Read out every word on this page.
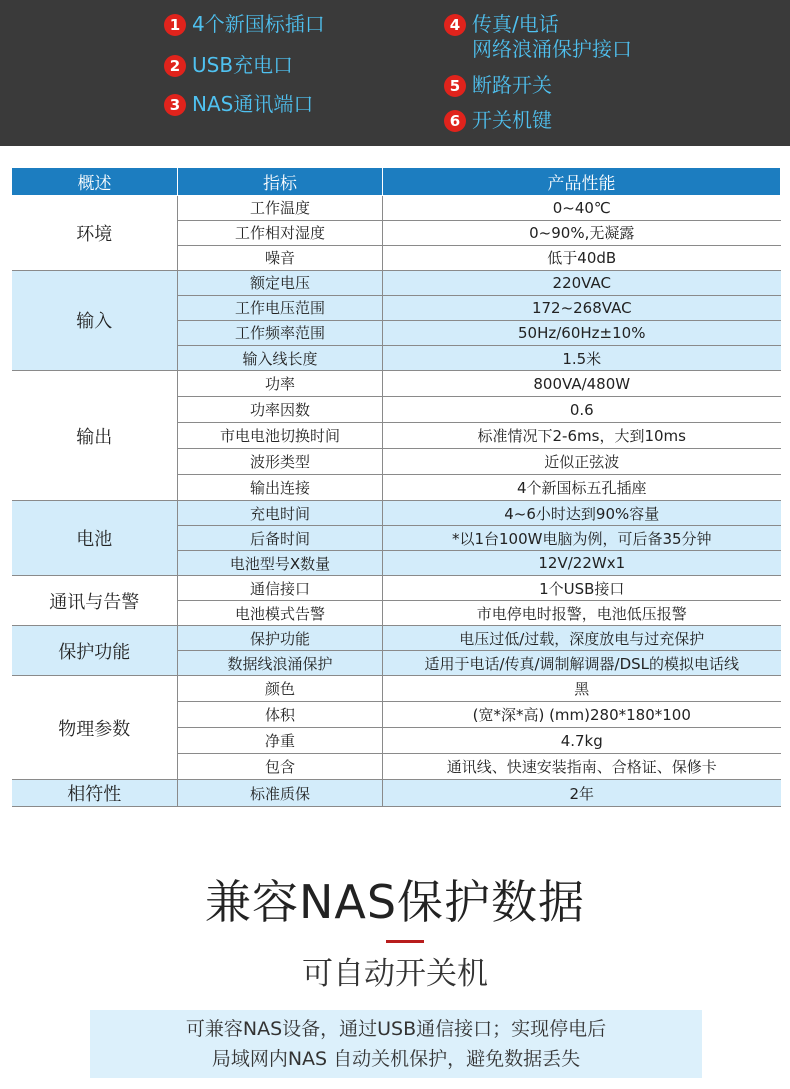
1 4个新国标插口
2 USB充电口
3 NAS通讯端口
4 传真/电话
网络浪涌保护接口
5 断路开关
6 开关机键
概述	指标	产品性能
环境	工作温度	0~40℃
	工作相对湿度	0~90%,无凝露
	噪音	低于40dB
输入	额定电压	220VAC
	工作电压范围	172~268VAC
	工作频率范围	50Hz/60Hz±10%
	输入线长度	1.5米
输出	功率	800VA/480W
	功率因数	0.6
	市电电池切换时间	标准情况下2-6ms，大到10ms
	波形类型	近似正弦波
	输出连接	4个新国标五孔插座
电池	充电时间	4~6小时达到90%容量
	后备时间	*以1台100W电脑为例，可后备35分钟
	电池型号X数量	12V/22Wx1
通讯与告警	通信接口	1个USB接口
	电池模式告警	市电停电时报警，电池低压报警
保护功能	保护功能	电压过低/过载，深度放电与过充保护
	数据线浪涌保护	适用于电话/传真/调制解调器/DSL的模拟电话线
物理参数	颜色	黑
	体积	(宽*深*高) (mm)280*180*100
	净重	4.7kg
	包含	通讯线、快速安装指南、合格证、保修卡
相符性	标准质保	2年
兼容NAS保护数据
可自动开关机
可兼容NAS设备，通过USB通信接口；实现停电后
局域网内NAS 自动关机保护，避免数据丢失
